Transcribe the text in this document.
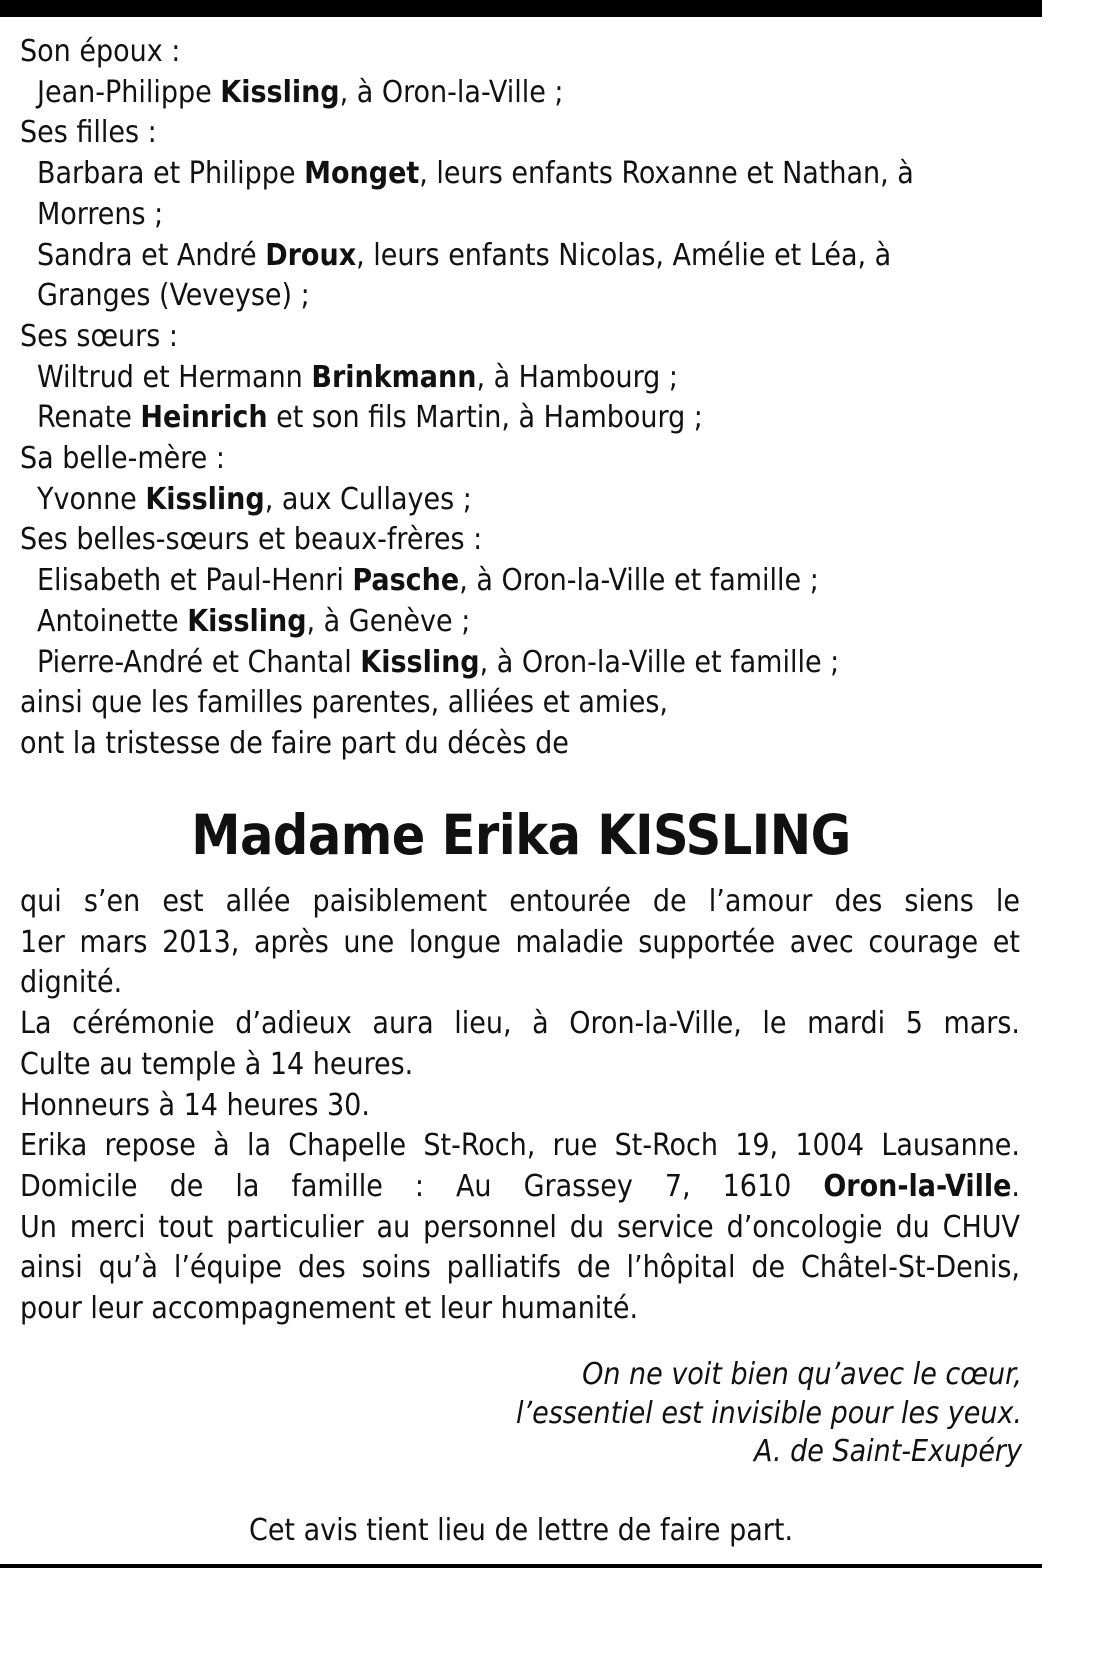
Son époux :
Jean-Philippe Kissling, à Oron-la-Ville ;
Ses filles :
Barbara et Philippe Monget, leurs enfants Roxanne et Nathan, à
Morrens ;
Sandra et André Droux, leurs enfants Nicolas, Amélie et Léa, à
Granges (Veveyse) ;
Ses sœurs :
Wiltrud et Hermann Brinkmann, à Hambourg ;
Renate Heinrich et son fils Martin, à Hambourg ;
Sa belle-mère :
Yvonne Kissling, aux Cullayes ;
Ses belles-sœurs et beaux-frères :
Elisabeth et Paul-Henri Pasche, à Oron-la-Ville et famille ;
Antoinette Kissling, à Genève ;
Pierre-André et Chantal Kissling, à Oron-la-Ville et famille ;
ainsi que les familles parentes, alliées et amies,
ont la tristesse de faire part du décès de
Madame Erika KISSLING
qui s’en est allée paisiblement entourée de l’amour des siens le
1er mars 2013, après une longue maladie supportée avec courage et
dignité.
La cérémonie d’adieux aura lieu, à Oron-la-Ville, le mardi 5 mars.
Culte au temple à 14 heures.
Honneurs à 14 heures 30.
Erika repose à la Chapelle St-Roch, rue St-Roch 19, 1004 Lausanne.
Domicile de la famille : Au Grassey 7, 1610 Oron-la-Ville.
Un merci tout particulier au personnel du service d’oncologie du CHUV
ainsi qu’à l’équipe des soins palliatifs de l’hôpital de Châtel-St-Denis,
pour leur accompagnement et leur humanité.
On ne voit bien qu’avec le cœur,
l’essentiel est invisible pour les yeux.
A. de Saint-Exupéry
Cet avis tient lieu de lettre de faire part.
